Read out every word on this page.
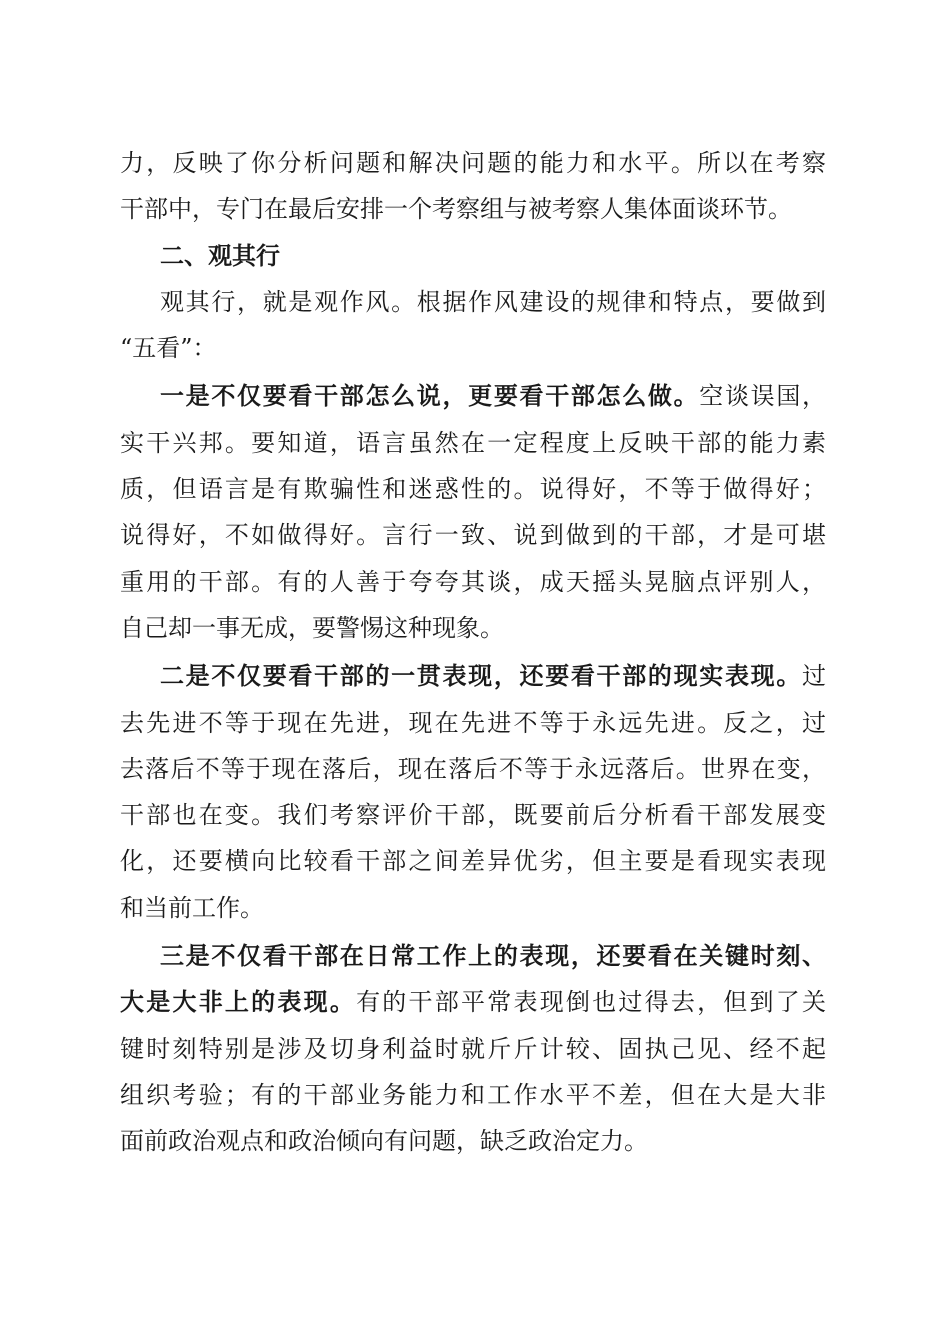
力，反映了你分析问题和解决问题的能力和水平。所以在考察
干部中，专门在最后安排一个考察组与被考察人集体面谈环节。
二、观其行
观其行，就是观作风。根据作风建设的规律和特点，要做到
“五看”：
一是不仅要看干部怎么说，更要看干部怎么做。空谈误国，
实干兴邦。要知道，语言虽然在一定程度上反映干部的能力素
质，但语言是有欺骗性和迷惑性的。说得好，不等于做得好；
说得好，不如做得好。言行一致、说到做到的干部，才是可堪
重用的干部。有的人善于夸夸其谈，成天摇头晃脑点评别人，
自己却一事无成，要警惕这种现象。
二是不仅要看干部的一贯表现，还要看干部的现实表现。过
去先进不等于现在先进，现在先进不等于永远先进。反之，过
去落后不等于现在落后，现在落后不等于永远落后。世界在变，
干部也在变。我们考察评价干部，既要前后分析看干部发展变
化，还要横向比较看干部之间差异优劣，但主要是看现实表现
和当前工作。
三是不仅看干部在日常工作上的表现，还要看在关键时刻、
大是大非上的表现。有的干部平常表现倒也过得去，但到了关
键时刻特别是涉及切身利益时就斤斤计较、固执己见、经不起
组织考验；有的干部业务能力和工作水平不差，但在大是大非
面前政治观点和政治倾向有问题，缺乏政治定力。
